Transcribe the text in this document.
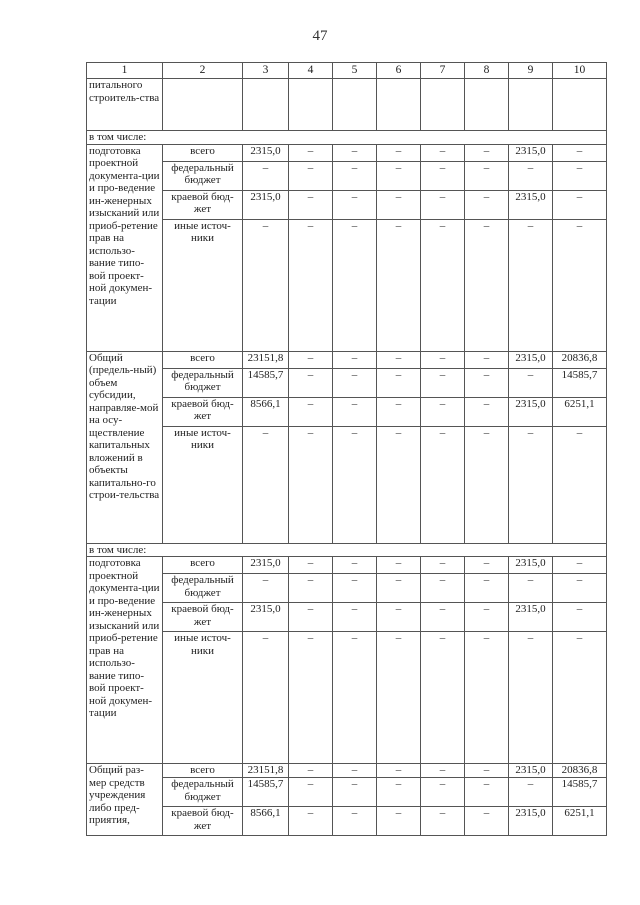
47
1	2	3	4	5	6	7	8	9	10
питального строитель-ства									
в том числе:									
подготовка проектной документа-ции и про-ведение ин-женерных изысканий или приоб-ретение прав на использо-вание типо-вой проект-ной докумен-тации	всего	2315,0	–	–	–	–	–	2315,0	–
	федеральный бюджет	–	–	–	–	–	–	–	–
	краевой бюд-жет	2315,0	–	–	–	–	–	2315,0	–
	иные источ-ники	–	–	–	–	–	–	–	–
Общий (предель-ный) объем субсидии, направляе-мой на осу-ществление капитальных вложений в объекты капитально-го строи-тельства	всего	23151,8	–	–	–	–	–	2315,0	20836,8
	федеральный бюджет	14585,7	–	–	–	–	–	–	14585,7
	краевой бюд-жет	8566,1	–	–	–	–	–	2315,0	6251,1
	иные источ-ники	–	–	–	–	–	–	–	–
в том числе:									
подготовка проектной документа-ции и про-ведение ин-женерных изысканий или приоб-ретение прав на использо-вание типо-вой проект-ной докумен-тации	всего	2315,0	–	–	–	–	–	2315,0	–
	федеральный бюджет	–	–	–	–	–	–	–	–
	краевой бюд-жет	2315,0	–	–	–	–	–	2315,0	–
	иные источ-ники	–	–	–	–	–	–	–	–
Общий раз-мер средств учреждения либо пред-приятия,	всего	23151,8	–	–	–	–	–	2315,0	20836,8
	федеральный бюджет	14585,7	–	–	–	–	–	–	14585,7
	краевой бюд-жет	8566,1	–	–	–	–	–	2315,0	6251,1
